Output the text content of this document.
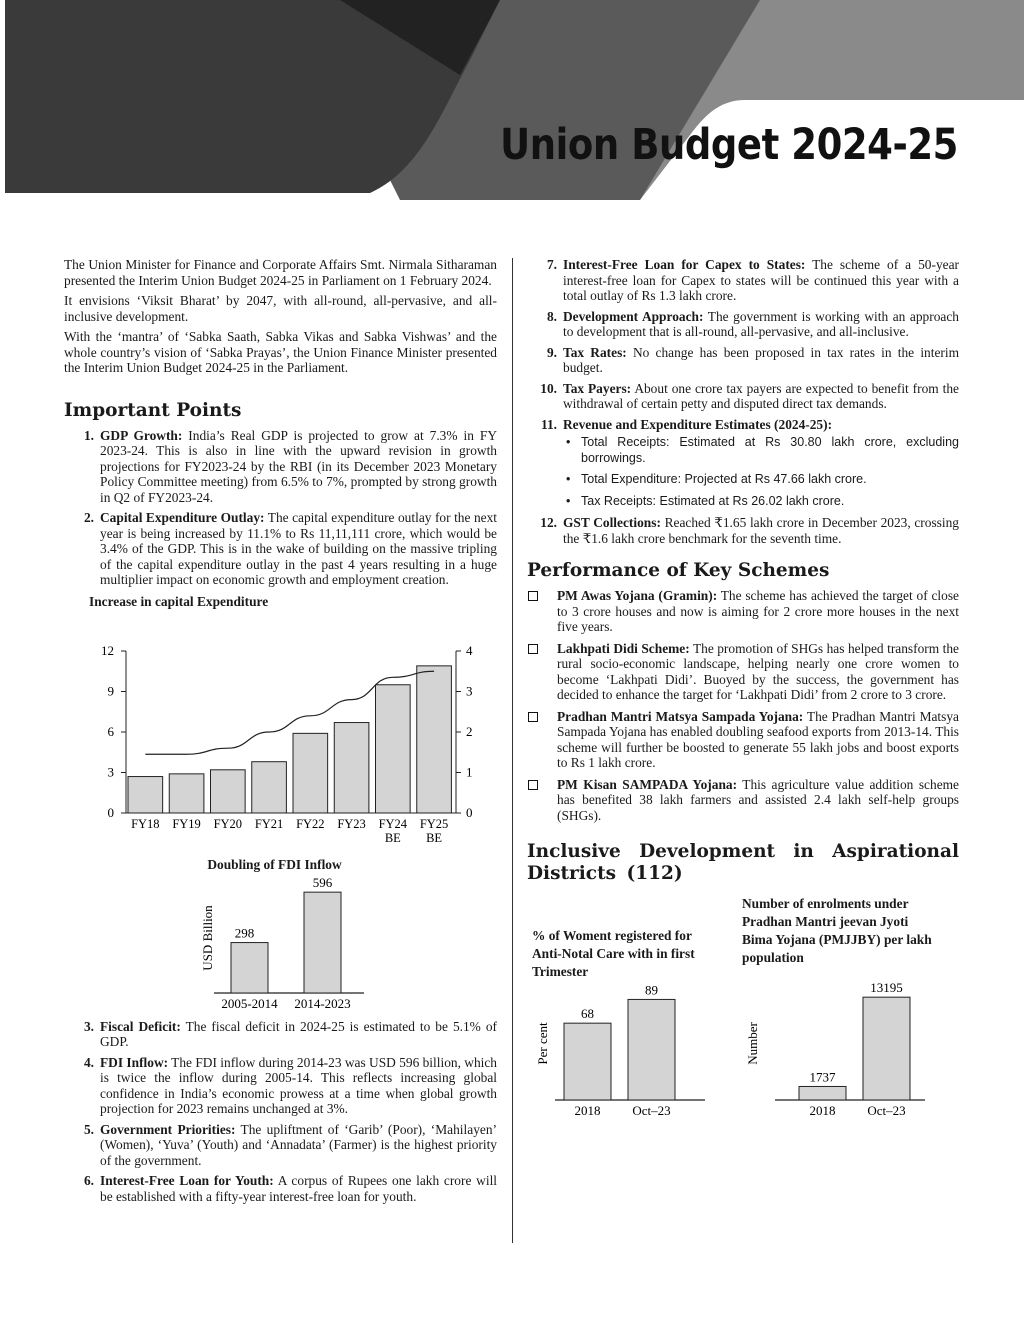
Union Budget 2024-25

The Union Minister for Finance and Corporate Affairs Smt. Nirmala Sitharaman presented the Interim Union Budget 2024-25 in Parliament on 1 February 2024.

It envisions ‘Viksit Bharat’ by 2047, with all-round, all-pervasive, and all-inclusive development.

With the ‘mantra’ of ‘Sabka Saath, Sabka Vikas and Sabka Vishwas’ and the whole country’s vision of ‘Sabka Prayas’, the Union Finance Minister presented the Interim Union Budget 2024-25 in the Parliament.

Important Points
1. GDP Growth: India’s Real GDP is projected to grow at 7.3% in FY 2023-24. This is also in line with the upward revision in growth projections for FY2023-24 by the RBI (in its December 2023 Monetary Policy Committee meeting) from 6.5% to 7%, prompted by strong growth in Q2 of FY2023-24.
2. Capital Expenditure Outlay: The capital expenditure outlay for the next year is being increased by 11.1% to Rs 11,11,111 crore, which would be 3.4% of the GDP. This is in the wake of building on the massive tripling of the capital expenditure outlay in the past 4 years resulting in a huge multiplier impact on economic growth and employment creation.
Increase in capital Expenditure
0
3
6
9
12
0
1
2
3
4
FY18 FY19 FY20 FY21 FY22 FY23 FY24
BE
FY25
BE
Doubling of FDI Inflow
USD Billion 298
2005-2014
596
2014-2023
3. Fiscal Deficit: The fiscal deficit in 2024-25 is estimated to be 5.1% of GDP.
4. FDI Inflow: The FDI inflow during 2014-23 was USD 596 billion, which is twice the inflow during 2005-14. This reflects increasing global confidence in India’s economic prowess at a time when global growth projection for 2023 remains unchanged at 3%.
5. Government Priorities: The upliftment of ‘Garib’ (Poor), ‘Mahilayen’ (Women), ‘Yuva’ (Youth) and ‘Annadata’ (Farmer) is the highest priority of the government.
6. Interest-Free Loan for Youth: A corpus of Rupees one lakh crore will be established with a fifty-year interest-free loan for youth.
7. Interest-Free Loan for Capex to States: The scheme of a 50-year interest-free loan for Capex to states will be continued this year with a total outlay of Rs 1.3 lakh crore.
8. Development Approach: The government is working with an approach to development that is all-round, all-pervasive, and all-inclusive.
9. Tax Rates: No change has been proposed in tax rates in the interim budget.
10. Tax Payers: About one crore tax payers are expected to benefit from the withdrawal of certain petty and disputed direct tax demands.
11. Revenue and Expenditure Estimates (2024-25):
• Total Receipts: Estimated at Rs 30.80 lakh crore, excluding borrowings.
• Total Expenditure: Projected at Rs 47.66 lakh crore.
• Tax Receipts: Estimated at Rs 26.02 lakh crore.
12. GST Collections: Reached ₹1.65 lakh crore in December 2023, crossing the ₹1.6 lakh crore benchmark for the seventh time.
Performance of Key Schemes
PM Awas Yojana (Gramin): The scheme has achieved the target of close to 3 crore houses and now is aiming for 2 crore more houses in the next five years.
Lakhpati Didi Scheme: The promotion of SHGs has helped transform the rural socio-economic landscape, helping nearly one crore women to become ‘Lakhpati Didi’. Buoyed by the success, the government has decided to enhance the target for ‘Lakhpati Didi’ from 2 crore to 3 crore.
Pradhan Mantri Matsya Sampada Yojana: The Pradhan Mantri Matsya Sampada Yojana has enabled doubling seafood exports from 2013-14. This scheme will further be boosted to generate 55 lakh jobs and boost exports to Rs 1 lakh crore.
PM Kisan SAMPADA Yojana: This agriculture value addition scheme has benefited 38 lakh farmers and assisted 2.4 lakh self-help groups (SHGs).
Inclusive Development in Aspirational Districts (112)
% of Woment registered for
Anti-Notal Care with in first
Trimester
Number of enrolments under
Pradhan Mantri jeevan Jyoti
Bima Yojana (PMJJBY) per lakh
population
Per cent
68
2018
89
Oct–23
Number
1737
2018
13195
Oct–23
